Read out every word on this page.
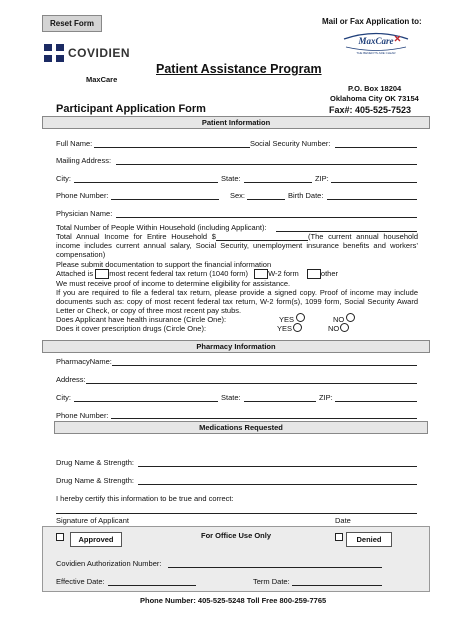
Reset Form	Mail or Fax Application to:
MaxCare
THE BENEFITS ARE CLEAR
COVIDIEN
Patient Assistance Program
MaxCare
P.O. Box 18204
Oklahoma City OK 73154
Participant Application Form	Fax#: 405-525-7523
Patient Information
Full Name:	Social Security Number:
Mailing Address:
City:	State:	ZIP:
Phone Number:	Sex:	Birth Date:
Physician Name:
Total Number of People Within Household (including Applicant):
Total Annual Income for Entire Household $	(The current annual household income includes current annual salary, Social Security, unemployment insurance benefits and workers’ compensation)
Please submit documentation to support the financial information
Attached is most recent federal tax return (1040 form)	W-2 form	other
We must receive proof of income to determine eligibility for assistance.
If you are required to file a federal tax return, please provide a signed copy. Proof of income may include documents such as: copy of most recent federal tax return, W-2 form(s), 1099 form, Social Security Award Letter or Check, or copy of three most recent pay stubs.
Does Applicant have health insurance (Circle One):	YES	NO
Does it cover prescription drugs (Circle One):	YES	NO
Pharmacy Information
PharmacyName:
Address:
City:	State:	ZIP:
Phone Number:
Medications Requested
Drug Name & Strength:
Drug Name & Strength:
I hereby certify this information to be true and correct:
Signature of Applicant	Date
For Office Use Only
Approved	Denied
Covidien Authorization Number:
Effective Date:	Term Date:
Phone Number: 405-525-5248 Toll Free 800-259-7765
